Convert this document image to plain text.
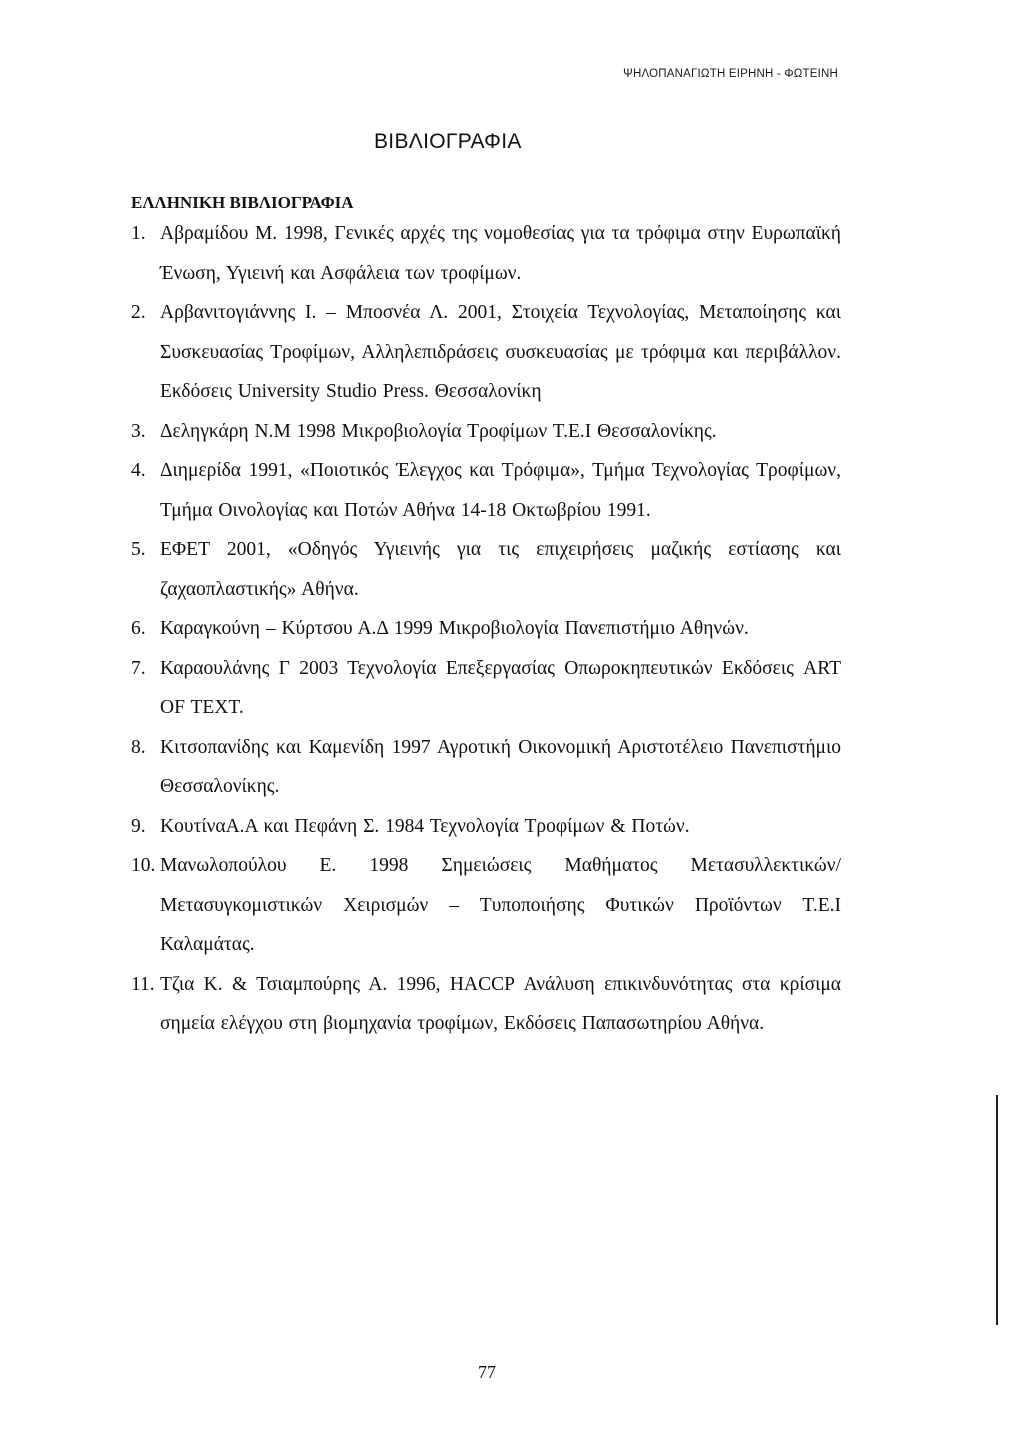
ΨΗΛΟΠΑΝΑΓΙΩΤΗ ΕΙΡΗΝΗ - ΦΩΤΕΙΝΗ
ΒΙΒΛΙΟΓΡΑΦΙΑ
ΕΛΛΗΝΙΚΗ ΒΙΒΛΙΟΓΡΑΦΙΑ
1. Αβραμίδου Μ. 1998, Γενικές αρχές της νομοθεσίας για τα τρόφιμα στην Ευρωπαϊκή Ένωση, Υγιεινή και Ασφάλεια των τροφίμων.
2. Αρβανιτογιάννης Ι. – Μποσνέα Λ. 2001, Στοιχεία Τεχνολογίας, Μεταποίησης και Συσκευασίας Τροφίμων, Αλληλεπιδράσεις συσκευασίας με τρόφιμα και περιβάλλον. Εκδόσεις University Studio Press. Θεσσαλονίκη
3. Δεληγκάρη Ν.Μ 1998 Μικροβιολογία Τροφίμων Τ.Ε.Ι Θεσσαλονίκης.
4. Διημερίδα 1991, «Ποιοτικός Έλεγχος και Τρόφιμα», Τμήμα Τεχνολογίας Τροφίμων, Τμήμα Οινολογίας και Ποτών Αθήνα 14-18 Οκτωβρίου 1991.
5. ΕΦΕΤ 2001, «Οδηγός Υγιεινής για τις επιχειρήσεις μαζικής εστίασης και ζαχαοπλαστικής» Αθήνα.
6. Καραγκούνη – Κύρτσου Α.Δ 1999 Μικροβιολογία Πανεπιστήμιο Αθηνών.
7. Καραουλάνης Γ 2003 Τεχνολογία Επεξεργασίας Οπωροκηπευτικών Εκδόσεις ART OF TEXT.
8. Κιτσοπανίδης και Καμενίδη 1997 Αγροτική Οικονομική Αριστοτέλειο Πανεπιστήμιο Θεσσαλονίκης.
9. ΚουτίναΑ.Α και Πεφάνη Σ. 1984 Τεχνολογία Τροφίμων & Ποτών.
10. Μανωλοπούλου Ε. 1998 Σημειώσεις Μαθήματος Μετασυλλεκτικών/ Μετασυγκομιστικών Χειρισμών – Τυποποιήσης Φυτικών Προϊόντων Τ.Ε.Ι Καλαμάτας.
11. Τζια Κ. & Τσιαμπούρης Α. 1996, HACCP Ανάλυση επικινδυνότητας στα κρίσιμα σημεία ελέγχου στη βιομηχανία τροφίμων, Εκδόσεις Παπασωτηρίου Αθήνα.
77
